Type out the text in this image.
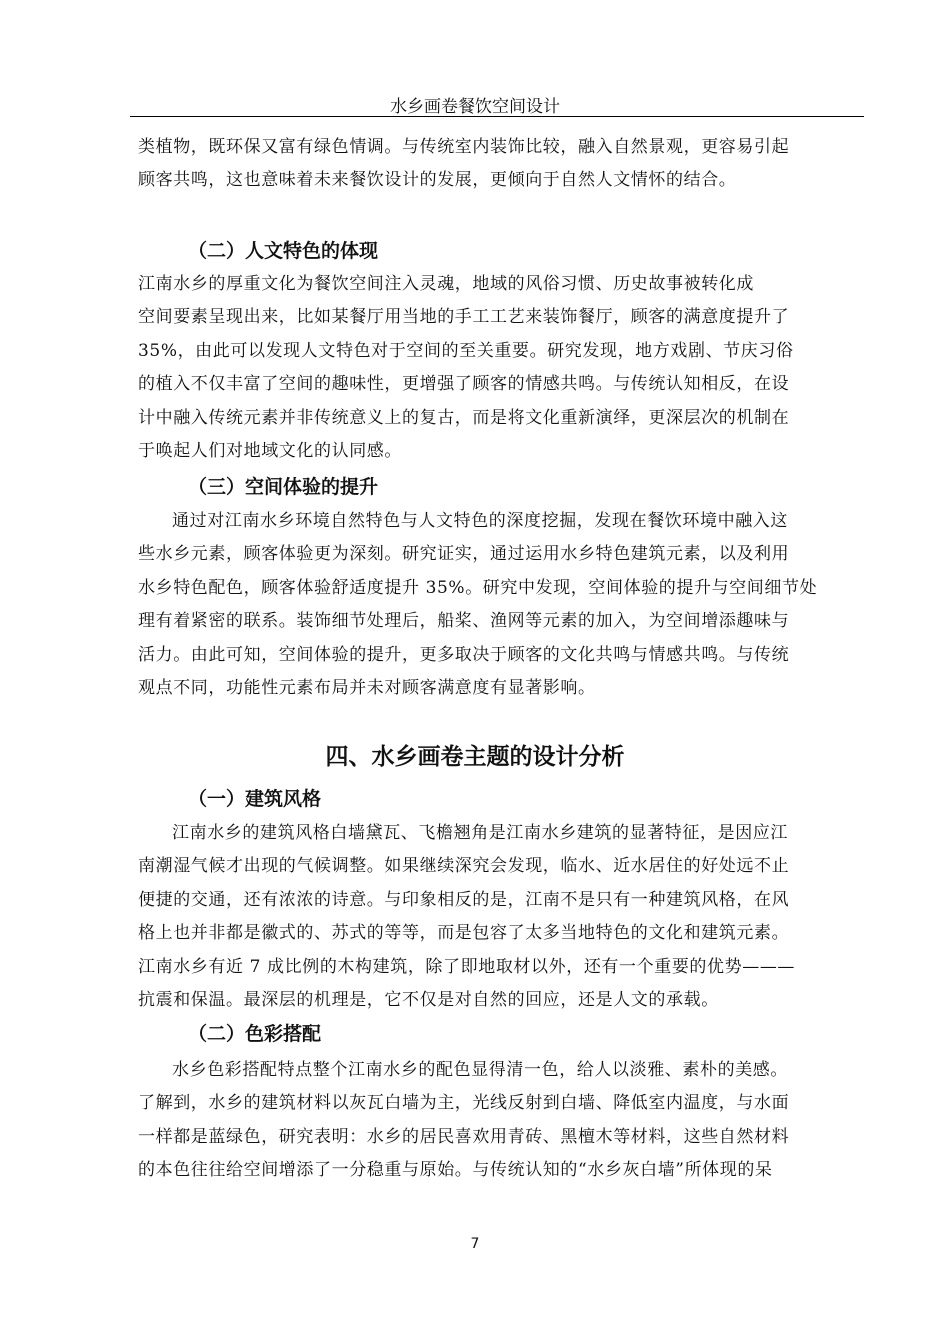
水乡画卷餐饮空间设计
类植物，既环保又富有绿色情调。与传统室内装饰比较，融入自然景观，更容易引起
顾客共鸣，这也意味着未来餐饮设计的发展，更倾向于自然人文情怀的结合。
（二）人文特色的体现
江南水乡的厚重文化为餐饮空间注入灵魂，地域的风俗习惯、历史故事被转化成
空间要素呈现出来，比如某餐厅用当地的手工工艺来装饰餐厅，顾客的满意度提升了
35%，由此可以发现人文特色对于空间的至关重要。研究发现，地方戏剧、节庆习俗
的植入不仅丰富了空间的趣味性，更增强了顾客的情感共鸣。与传统认知相反，在设
计中融入传统元素并非传统意义上的复古，而是将文化重新演绎，更深层次的机制在
于唤起人们对地域文化的认同感。
（三）空间体验的提升
通过对江南水乡环境自然特色与人文特色的深度挖掘，发现在餐饮环境中融入这
些水乡元素，顾客体验更为深刻。研究证实，通过运用水乡特色建筑元素，以及利用
水乡特色配色，顾客体验舒适度提升 35%。研究中发现，空间体验的提升与空间细节处
理有着紧密的联系。装饰细节处理后，船桨、渔网等元素的加入，为空间增添趣味与
活力。由此可知，空间体验的提升，更多取决于顾客的文化共鸣与情感共鸣。与传统
观点不同，功能性元素布局并未对顾客满意度有显著影响。
四、水乡画卷主题的设计分析
（一）建筑风格
江南水乡的建筑风格白墙黛瓦、飞檐翘角是江南水乡建筑的显著特征，是因应江
南潮湿气候才出现的气候调整。如果继续深究会发现，临水、近水居住的好处远不止
便捷的交通，还有浓浓的诗意。与印象相反的是，江南不是只有一种建筑风格，在风
格上也并非都是徽式的、苏式的等等，而是包容了太多当地特色的文化和建筑元素。
江南水乡有近 7 成比例的木构建筑，除了即地取材以外，还有一个重要的优势———
抗震和保温。最深层的机理是，它不仅是对自然的回应，还是人文的承载。
（二）色彩搭配
水乡色彩搭配特点整个江南水乡的配色显得清一色，给人以淡雅、素朴的美感。
了解到，水乡的建筑材料以灰瓦白墙为主，光线反射到白墙、降低室内温度，与水面
一样都是蓝绿色，研究表明：水乡的居民喜欢用青砖、黑檀木等材料，这些自然材料
的本色往往给空间增添了一分稳重与原始。与传统认知的“水乡灰白墙”所体现的呆
7
